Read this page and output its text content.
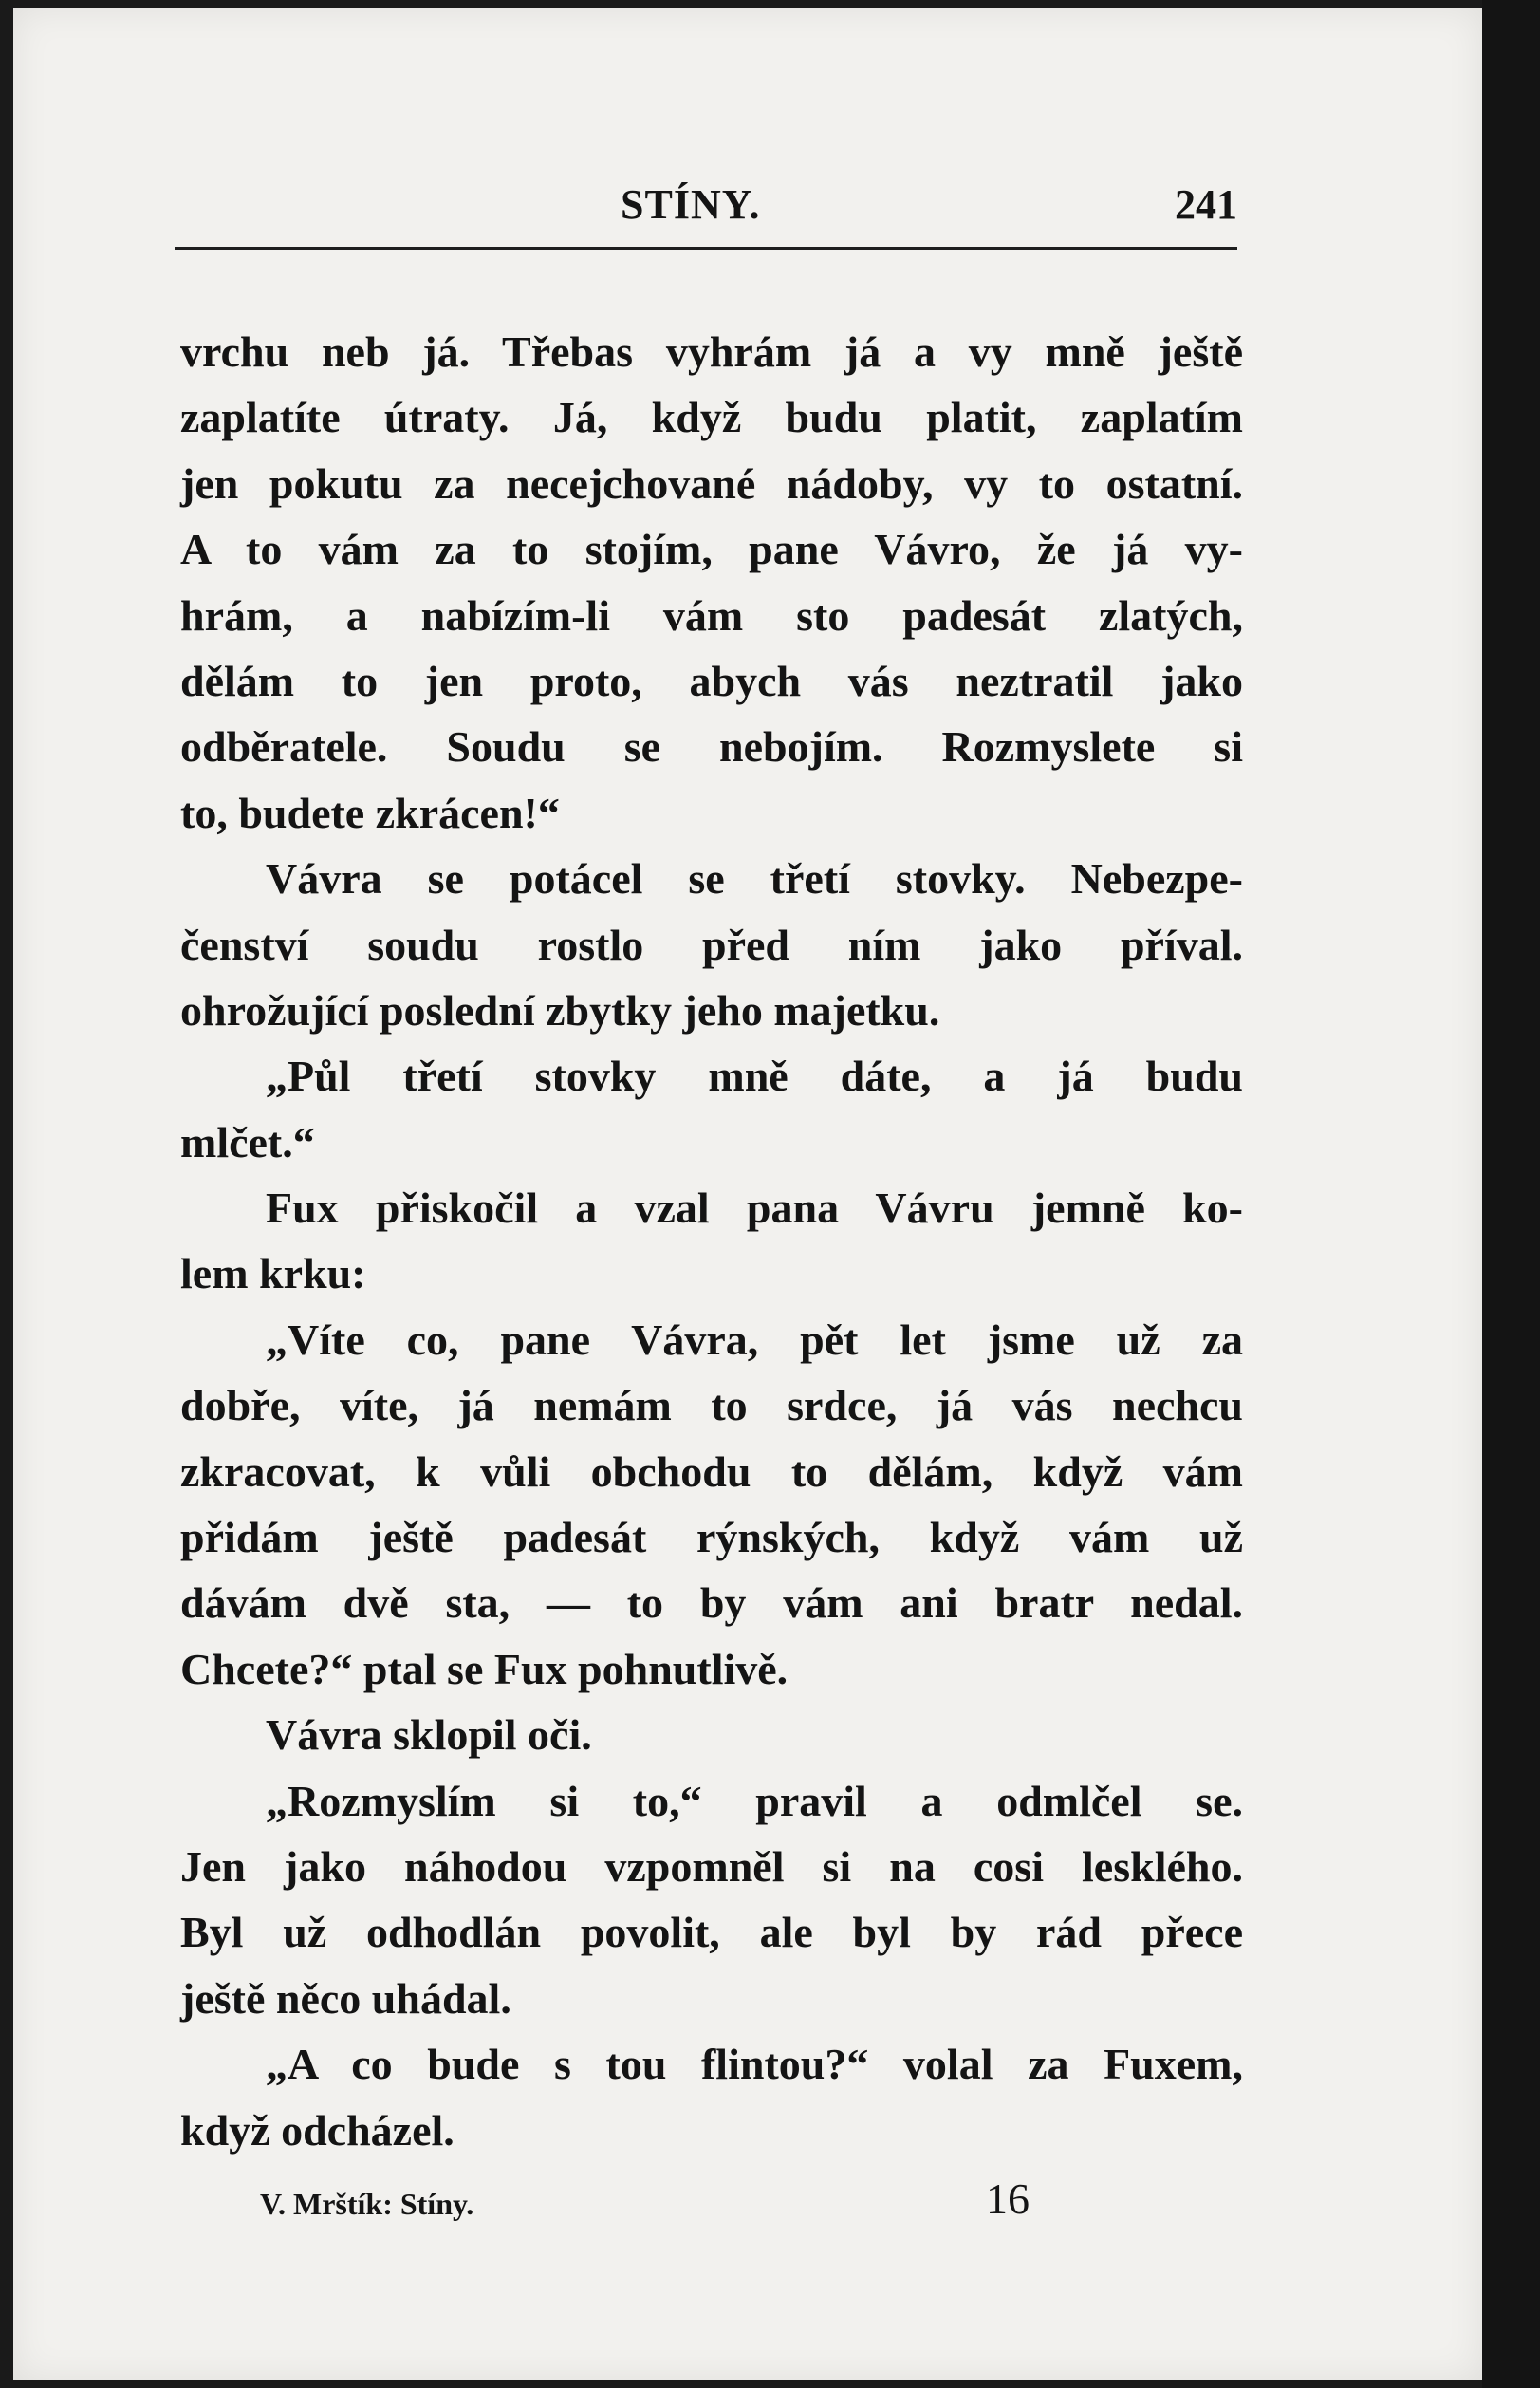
STÍNY.	241
vrchu neb já. Třebas vyhrám já a vy mně ještě
zaplatíte útraty. Já, když budu platit, zaplatím
jen pokutu za necejchované nádoby, vy to ostatní.
A to vám za to stojím, pane Vávro, že já vy-
hrám, a nabízím-li vám sto padesát zlatých,
dělám to jen proto, abych vás neztratil jako
odběratele. Soudu se nebojím. Rozmyslete si
to, budete zkrácen!“
Vávra se potácel se třetí stovky. Nebezpe-
čenství soudu rostlo před ním jako příval.
ohrožující poslední zbytky jeho majetku.
„Půl třetí stovky mně dáte, a já budu
mlčet.“
Fux přiskočil a vzal pana Vávru jemně ko-
lem krku:
„Víte co, pane Vávra, pět let jsme už za
dobře, víte, já nemám to srdce, já vás nechcu
zkracovat, k vůli obchodu to dělám, když vám
přidám ještě padesát rýnských, když vám už
dávám dvě sta, — to by vám ani bratr nedal.
Chcete?“ ptal se Fux pohnutlivě.
Vávra sklopil oči.
„Rozmyslím si to,“ pravil a odmlčel se.
Jen jako náhodou vzpomněl si na cosi lesklého.
Byl už odhodlán povolit, ale byl by rád přece
ještě něco uhádal.
„A co bude s tou flintou?“ volal za Fuxem,
když odcházel.
V. Mrštík: Stíny.	16
